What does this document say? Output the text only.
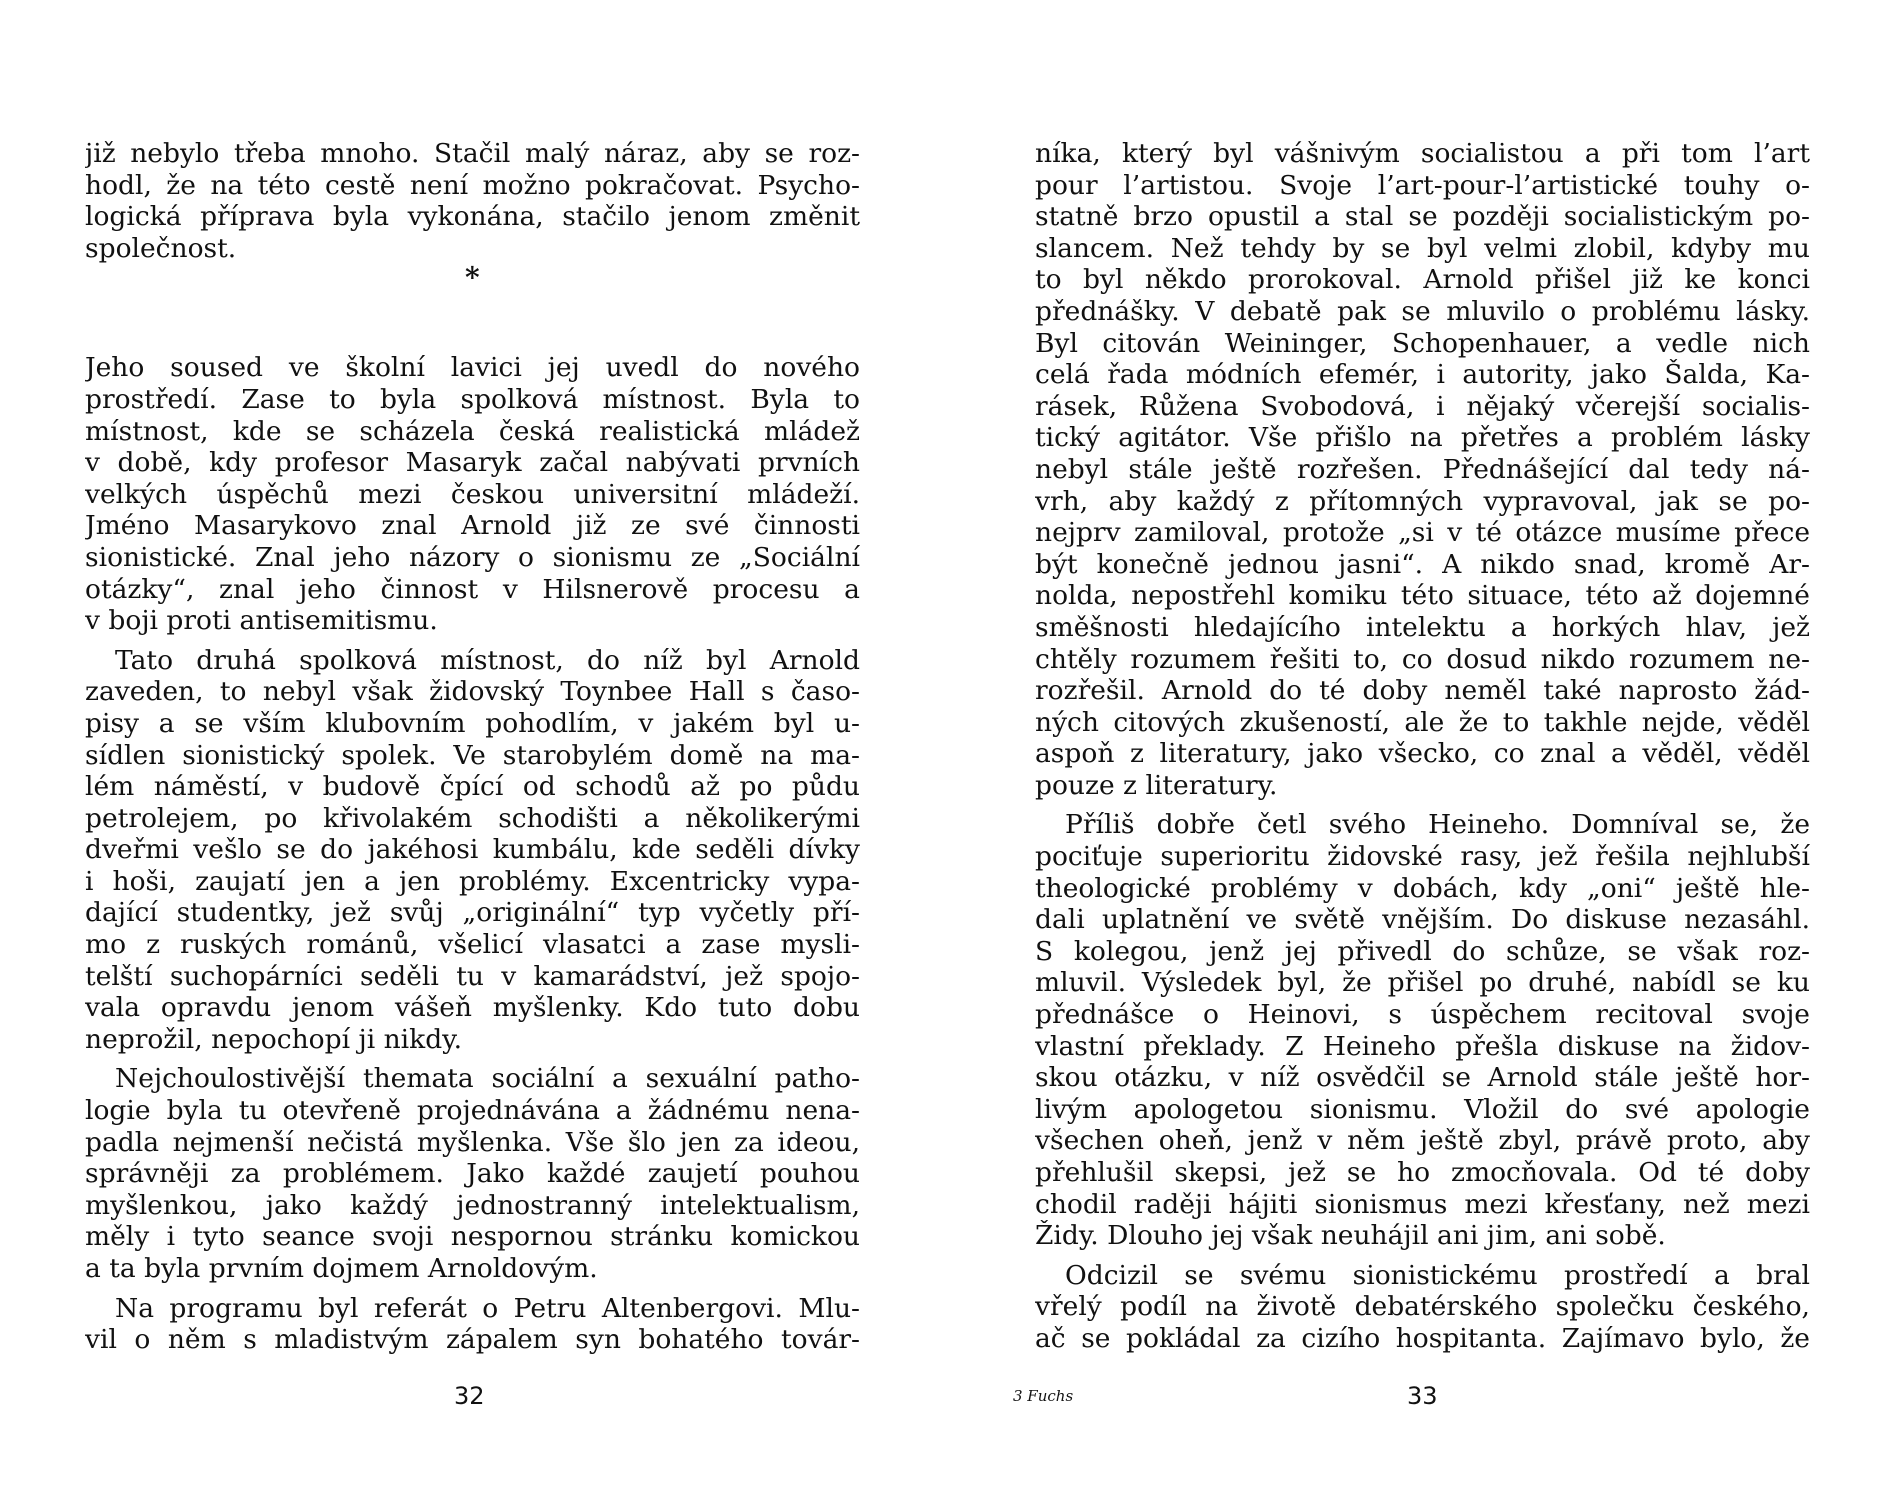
již nebylo třeba mnoho. Stačil malý náraz, aby se roz-
hodl, že na této cestě není možno pokračovat. Psycho-
logická příprava byla vykonána, stačilo jenom změnit
společnost.
*
Jeho soused ve školní lavici jej uvedl do nového
prostředí. Zase to byla spolková místnost. Byla to
místnost, kde se scházela česká realistická mládež
v době, kdy profesor Masaryk začal nabývati prvních
velkých úspěchů mezi českou universitní mládeží.
Jméno Masarykovo znal Arnold již ze své činnosti
sionistické. Znal jeho názory o sionismu ze „Sociální
otázky“, znal jeho činnost v Hilsnerově procesu a
v boji proti antisemitismu.
Tato druhá spolková místnost, do níž byl Arnold
zaveden, to nebyl však židovský Toynbee Hall s časo-
pisy a se vším klubovním pohodlím, v jakém byl u-
sídlen sionistický spolek. Ve starobylém domě na ma-
lém náměstí, v budově čpící od schodů až po půdu
petrolejem, po křivolakém schodišti a několikerými
dveřmi vešlo se do jakéhosi kumbálu, kde seděli dívky
i hoši, zaujatí jen a jen problémy. Excentricky vypa-
dající studentky, jež svůj „originální“ typ vyčetly pří-
mo z ruských románů, všelicí vlasatci a zase mysli-
telští suchopárníci seděli tu v kamarádství, jež spojo-
vala opravdu jenom vášeň myšlenky. Kdo tuto dobu
neprožil, nepochopí ji nikdy.
Nejchoulostivější themata sociální a sexuální patho-
logie byla tu otevřeně projednávána a žádnému nena-
padla nejmenší nečistá myšlenka. Vše šlo jen za ideou,
správněji za problémem. Jako každé zaujetí pouhou
myšlenkou, jako každý jednostranný intelektualism,
měly i tyto seance svoji nespornou stránku komickou
a ta byla prvním dojmem Arnoldovým.
Na programu byl referát o Petru Altenbergovi. Mlu-
vil o něm s mladistvým zápalem syn bohatého továr-
32
níka, který byl vášnivým socialistou a při tom l’art
pour l’artistou. Svoje l’art-pour-l’artistické touhy o-
statně brzo opustil a stal se později socialistickým po-
slancem. Než tehdy by se byl velmi zlobil, kdyby mu
to byl někdo prorokoval. Arnold přišel již ke konci
přednášky. V debatě pak se mluvilo o problému lásky.
Byl citován Weininger, Schopenhauer, a vedle nich
celá řada módních efemér, i autority, jako Šalda, Ka-
rásek, Růžena Svobodová, i nějaký včerejší socialis-
tický agitátor. Vše přišlo na přetřes a problém lásky
nebyl stále ještě rozřešen. Přednášející dal tedy ná-
vrh, aby každý z přítomných vypravoval, jak se po-
nejprv zamiloval, protože „si v té otázce musíme přece
být konečně jednou jasni“. A nikdo snad, kromě Ar-
nolda, nepostřehl komiku této situace, této až dojemné
směšnosti hledajícího intelektu a horkých hlav, jež
chtěly rozumem řešiti to, co dosud nikdo rozumem ne-
rozřešil. Arnold do té doby neměl také naprosto žád-
ných citových zkušeností, ale že to takhle nejde, věděl
aspoň z literatury, jako všecko, co znal a věděl, věděl
pouze z literatury.
Příliš dobře četl svého Heineho. Domníval se, že
pociťuje superioritu židovské rasy, jež řešila nejhlubší
theologické problémy v dobách, kdy „oni“ ještě hle-
dali uplatnění ve světě vnějším. Do diskuse nezasáhl.
S kolegou, jenž jej přivedl do schůze, se však roz-
mluvil. Výsledek byl, že přišel po druhé, nabídl se ku
přednášce o Heinovi, s úspěchem recitoval svoje
vlastní překlady. Z Heineho přešla diskuse na židov-
skou otázku, v níž osvědčil se Arnold stále ještě hor-
livým apologetou sionismu. Vložil do své apologie
všechen oheň, jenž v něm ještě zbyl, právě proto, aby
přehlušil skepsi, jež se ho zmocňovala. Od té doby
chodil raději hájiti sionismus mezi křesťany, než mezi
Židy. Dlouho jej však neuhájil ani jim, ani sobě.
Odcizil se svému sionistickému prostředí a bral
vřelý podíl na životě debatérského společku českého,
ač se pokládal za cizího hospitanta. Zajímavo bylo, že
3 Fuchs	33
